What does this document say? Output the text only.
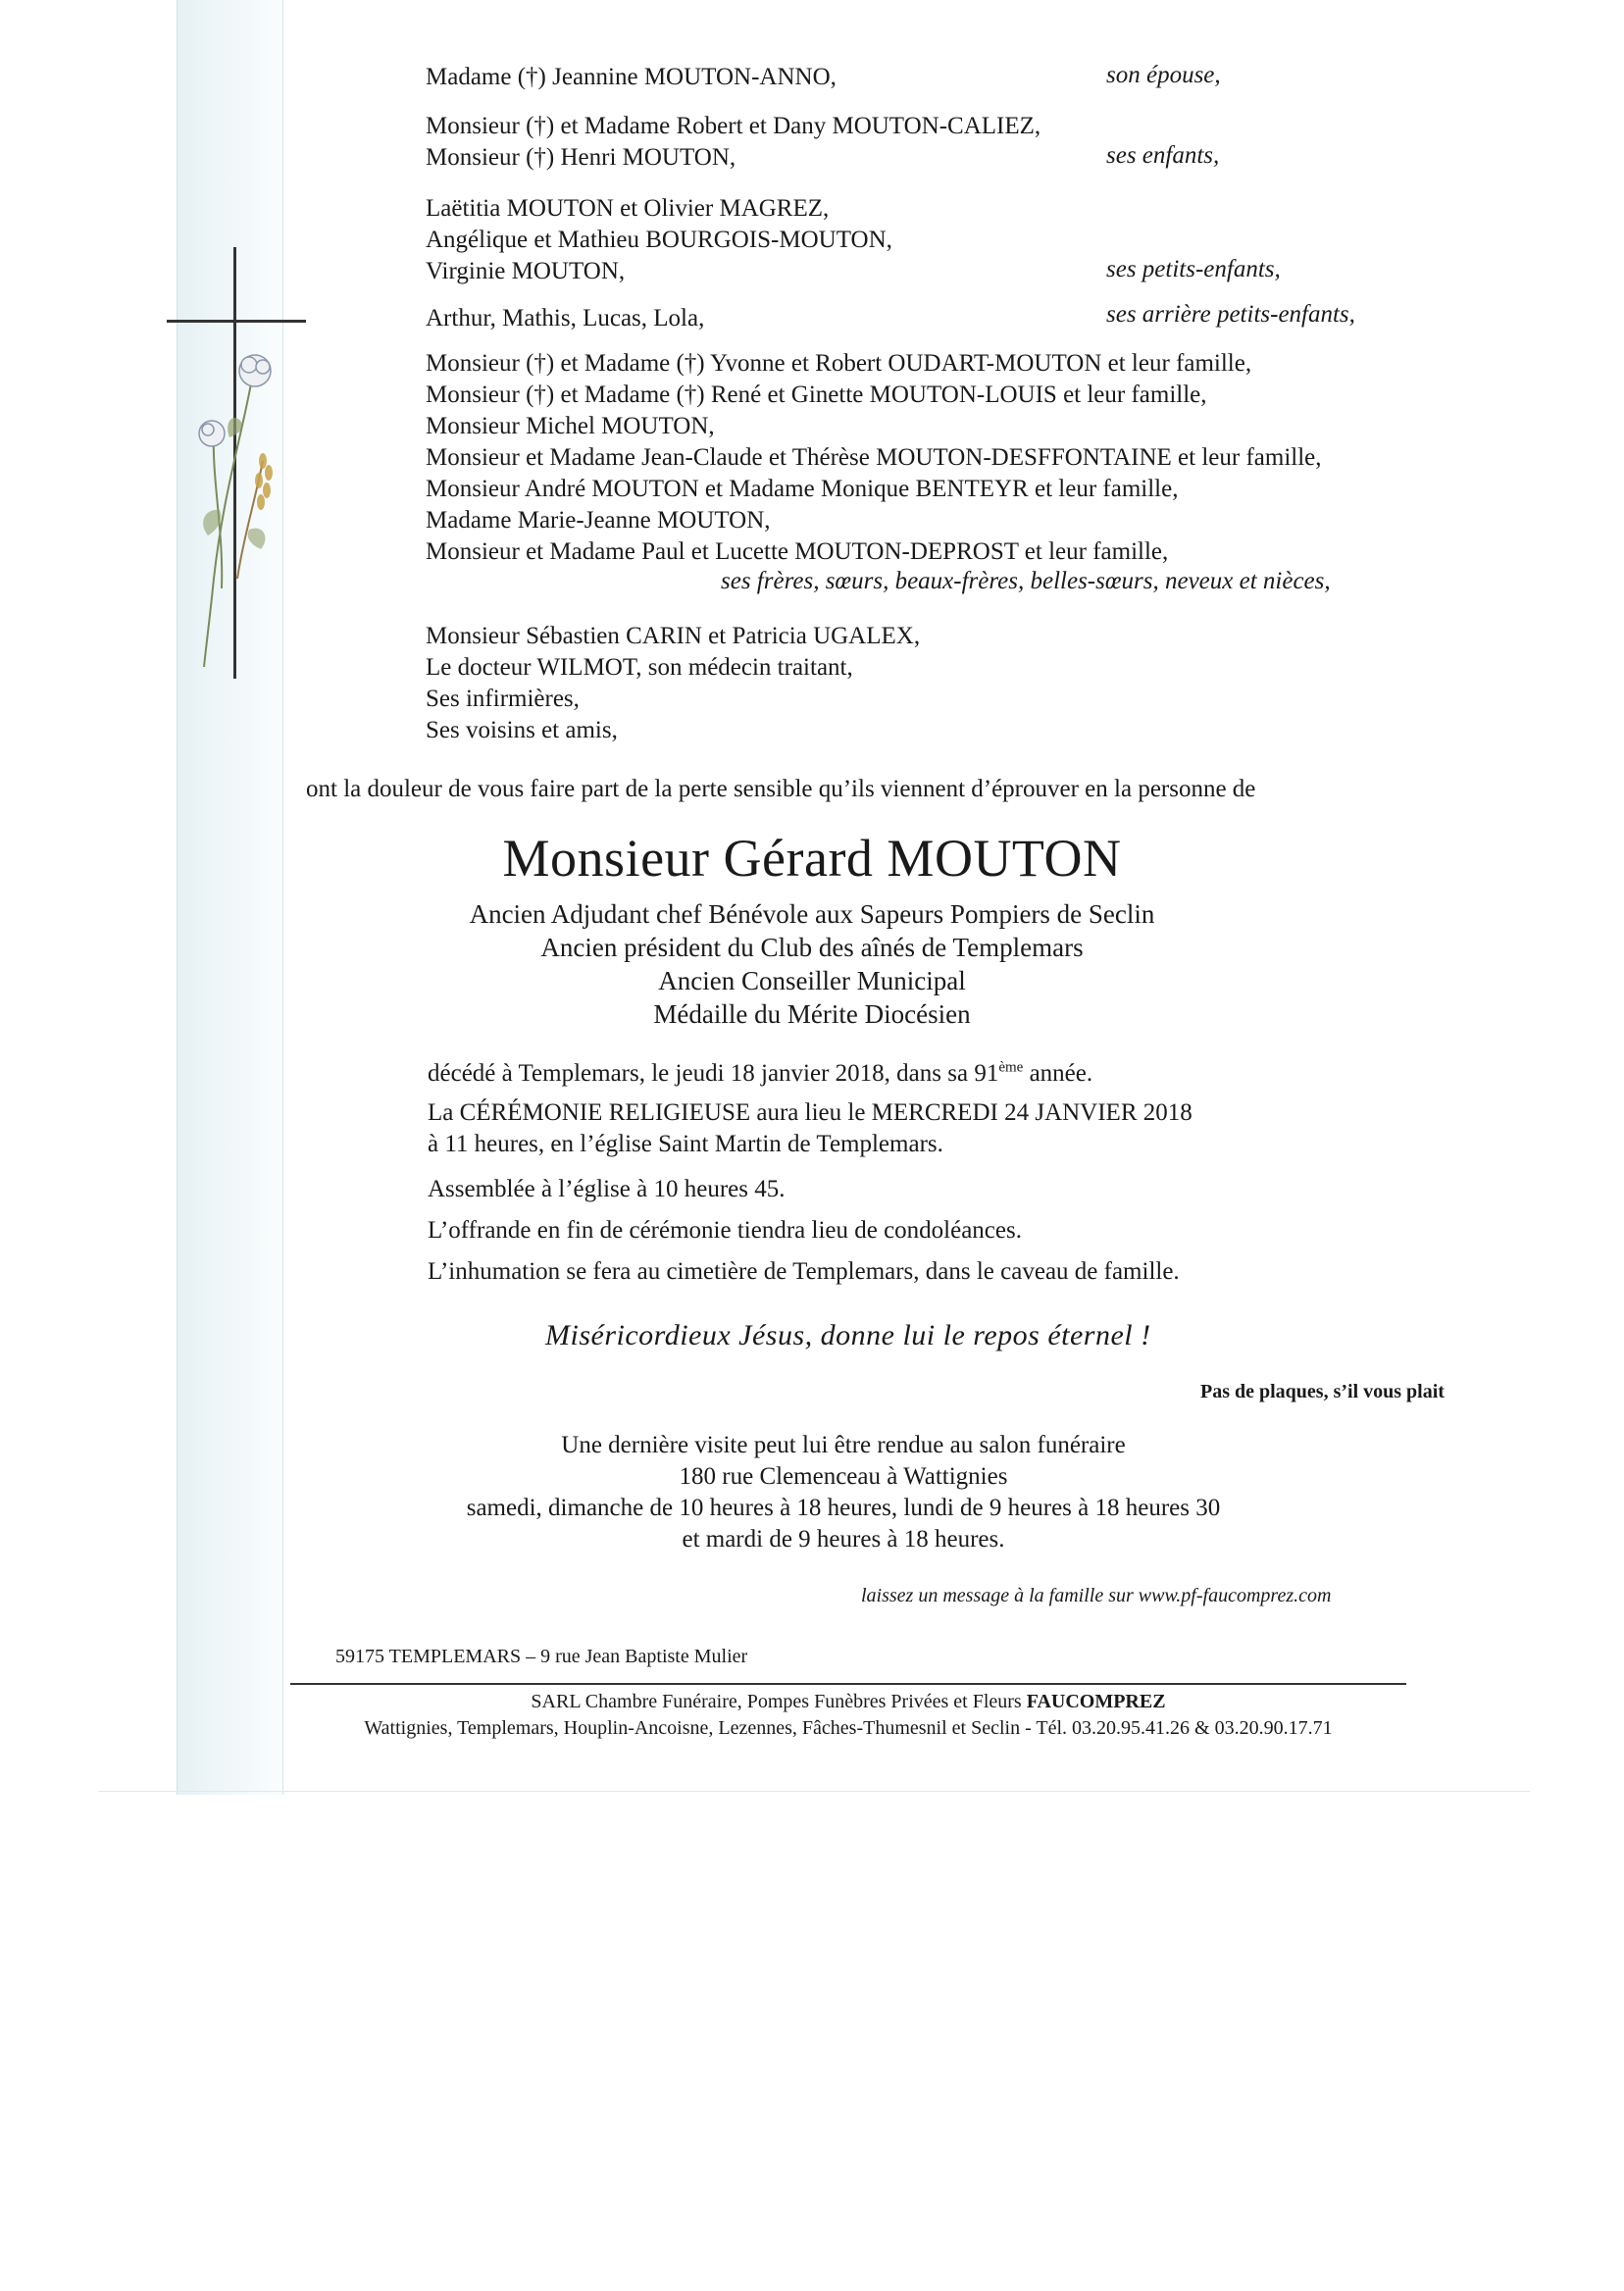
Madame (†) Jeannine MOUTON-ANNO,	son épouse,
Monsieur (†) et Madame Robert et Dany MOUTON-CALIEZ,
Monsieur (†) Henri MOUTON,	ses enfants,
Laëtitia MOUTON et Olivier MAGREZ,
Angélique et Mathieu BOURGOIS-MOUTON,
Virginie MOUTON,	ses petits-enfants,
Arthur, Mathis, Lucas, Lola,	ses arrière petits-enfants,
Monsieur (†) et Madame (†) Yvonne et Robert OUDART-MOUTON et leur famille,
Monsieur (†) et Madame (†) René et Ginette MOUTON-LOUIS et leur famille,
Monsieur Michel MOUTON,
Monsieur et Madame Jean-Claude et Thérèse MOUTON-DESFFONTAINE et leur famille,
Monsieur André MOUTON et Madame Monique BENTEYR et leur famille,
Madame Marie-Jeanne MOUTON,
Monsieur et Madame Paul et Lucette MOUTON-DEPROST et leur famille,
ses frères, sœurs, beaux-frères, belles-sœurs, neveux et nièces,
Monsieur Sébastien CARIN et Patricia UGALEX,
Le docteur WILMOT, son médecin traitant,
Ses infirmières,
Ses voisins et amis,
ont la douleur de vous faire part de la perte sensible qu’ils viennent d’éprouver en la personne de
Monsieur Gérard MOUTON
Ancien Adjudant chef Bénévole aux Sapeurs Pompiers de Seclin
Ancien président du Club des aînés de Templemars
Ancien Conseiller Municipal
Médaille du Mérite Diocésien
décédé à Templemars, le jeudi 18 janvier 2018, dans sa 91ème année.
La CÉRÉMONIE RELIGIEUSE aura lieu le MERCREDI 24 JANVIER 2018
à 11 heures, en l’église Saint Martin de Templemars.
Assemblée à l’église à 10 heures 45.
L’offrande en fin de cérémonie tiendra lieu de condoléances.
L’inhumation se fera au cimetière de Templemars, dans le caveau de famille.
Miséricordieux Jésus, donne lui le repos éternel !
Pas de plaques, s’il vous plait
Une dernière visite peut lui être rendue au salon funéraire
180 rue Clemenceau à Wattignies
samedi, dimanche de 10 heures à 18 heures, lundi de 9 heures à 18 heures 30
et mardi de 9 heures à 18 heures.
laissez un message à la famille sur www.pf-faucomprez.com
59175 TEMPLEMARS – 9 rue Jean Baptiste Mulier
SARL Chambre Funéraire, Pompes Funèbres Privées et Fleurs FAUCOMPREZ
Wattignies, Templemars, Houplin-Ancoisne, Lezennes, Fâches-Thumesnil et Seclin - Tél. 03.20.95.41.26 & 03.20.90.17.71
